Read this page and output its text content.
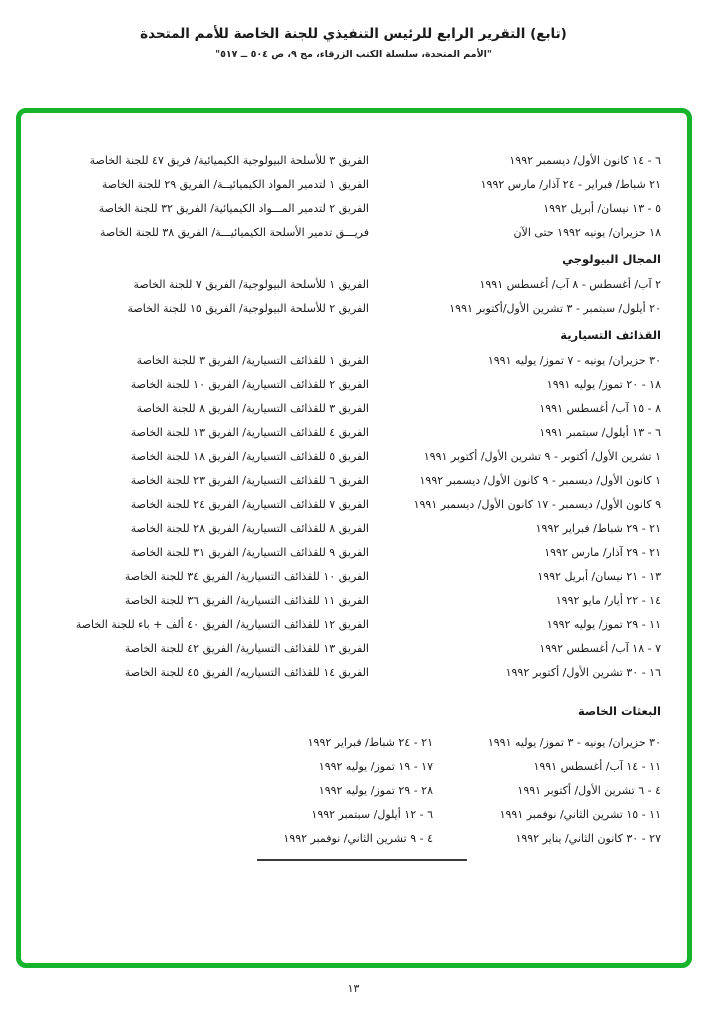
(تابع) التقرير الرابع للرئيس التنفيذي للجنة الخاصة للأمم المتحدة
"الأمم المتحدة، سلسلة الكتب الزرقاء، مج ٩، ص ٥٠٤ ــ ٥١٧"
٦ - ١٤ كانون الأول/ ديسمبر ١٩٩٢
الفريق ٣ للأسلحة البيولوجية الكيميائية/ فريق ٤٧ للجنة الخاصة
٢١ شباط/ فبراير - ٢٤ آذار/ مارس ١٩٩٢
الفريق ١ لتدمير المواد الكيميائيــة/ الفريق ٢٩ للجنة الخاصة
٥ - ١٣ نيسان/ أبريل ١٩٩٢
الفريق ٢ لتدمير المـــواد الكيميائية/ الفريق ٣٢ للجنة الخاصة
١٨ حزيران/ يونيه ١٩٩٢ حتى الآن
فريـــق تدمير الأسلحة الكيميائيـــة/ الفريق ٣٨ للجنة الخاصة
المجال البيولوجي
٢ آب/ أغسطس - ٨ آب/ أغسطس ١٩٩١
الفريق ١ للأسلحة البيولوجية/ الفريق ٧ للجنة الخاصة
٢٠ أيلول/ سبتمبر - ٣ تشرين الأول/أكتوبر ١٩٩١
الفريق ٢ للأسلحة البيولوجية/ الفريق ١٥ للجنة الخاصة
القذائف التسيارية
٣٠ حزيران/ يونيه - ٧ تموز/ يوليه ١٩٩١
الفريق ١ للقذائف التسيارية/ الفريق ٣ للجنة الخاصة
١٨ - ٢٠ تموز/ يوليه ١٩٩١
الفريق ٢ للقذائف التسيارية/ الفريق ١٠ للجنة الخاصة
٨ - ١٥ آب/ أغسطس ١٩٩١
الفريق ٣ للقذائف التسيارية/ الفريق ٨ للجنة الخاصة
٦ - ١٣ أيلول/ سبتمبر ١٩٩١
الفريق ٤ للقذائف التسيارية/ الفريق ١٣ للجنة الخاصة
١ تشرين الأول/ أكتوبر - ٩ تشرين الأول/ أكتوبر ١٩٩١
الفريق ٥ للقذائف التسيارية/ الفريق ١٨ للجنة الخاصة
١ كانون الأول/ ديسمبر - ٩ كانون الأول/ ديسمبر ١٩٩٢
الفريق ٦ للقذائف التسيارية/ الفريق ٢٣ للجنة الخاصة
٩ كانون الأول/ ديسمبر - ١٧ كانون الأول/ ديسمبر ١٩٩١
الفريق ٧ للقذائف التسيارية/ الفريق ٢٤ للجنة الخاصة
٢١ - ٢٩ شباط/ فبراير ١٩٩٢
الفريق ٨ للقذائف التسيارية/ الفريق ٢٨ للجنة الخاصة
٢١ - ٢٩ آذار/ مارس ١٩٩٢
الفريق ٩ للقذائف التسيارية/ الفريق ٣١ للجنة الخاصة
١٣ - ٢١ نيسان/ أبريل ١٩٩٢
الفريق ١٠ للقذائف التسيارية/ الفريق ٣٤ للجنة الخاصة
١٤ - ٢٢ أيار/ مايو ١٩٩٢
الفريق ١١ للقذائف التسيارية/ الفريق ٣٦ للجنة الخاصة
١١ - ٢٩ تموز/ يوليه ١٩٩٢
الفريق ١٢ للقذائف التسيارية/ الفريق ٤٠ ألف + باء للجنة الخاصة
٧ - ١٨ آب/ أغسطس ١٩٩٢
الفريق ١٣ للقذائف التسيارية/ الفريق ٤٢ للجنة الخاصة
١٦ - ٣٠ تشرين الأول/ أكتوبر ١٩٩٢
الفريق ١٤ للقذائف التسياريه/ الفريق ٤٥ للجنة الخاصة
البعثات الخاصة
٣٠ حزيران/ يونيه - ٣ تموز/ يوليه ١٩٩١
٢١ - ٢٤ شباط/ فبراير ١٩٩٢
١١ - ١٤ آب/ أغسطس ١٩٩١
١٧ - ١٩ تموز/ يوليه ١٩٩٢
٤ - ٦ تشرين الأول/ أكتوبر ١٩٩١
٢٨ - ٢٩ تموز/ يوليه ١٩٩٢
١١ - ١٥ تشرين الثاني/ نوفمبر ١٩٩١
٦ - ١٢ أيلول/ سبتمبر ١٩٩٢
٢٧ - ٣٠ كانون الثاني/ يناير ١٩٩٢
٤ - ٩ تشرين الثاني/ نوفمبر ١٩٩٢
١٣
